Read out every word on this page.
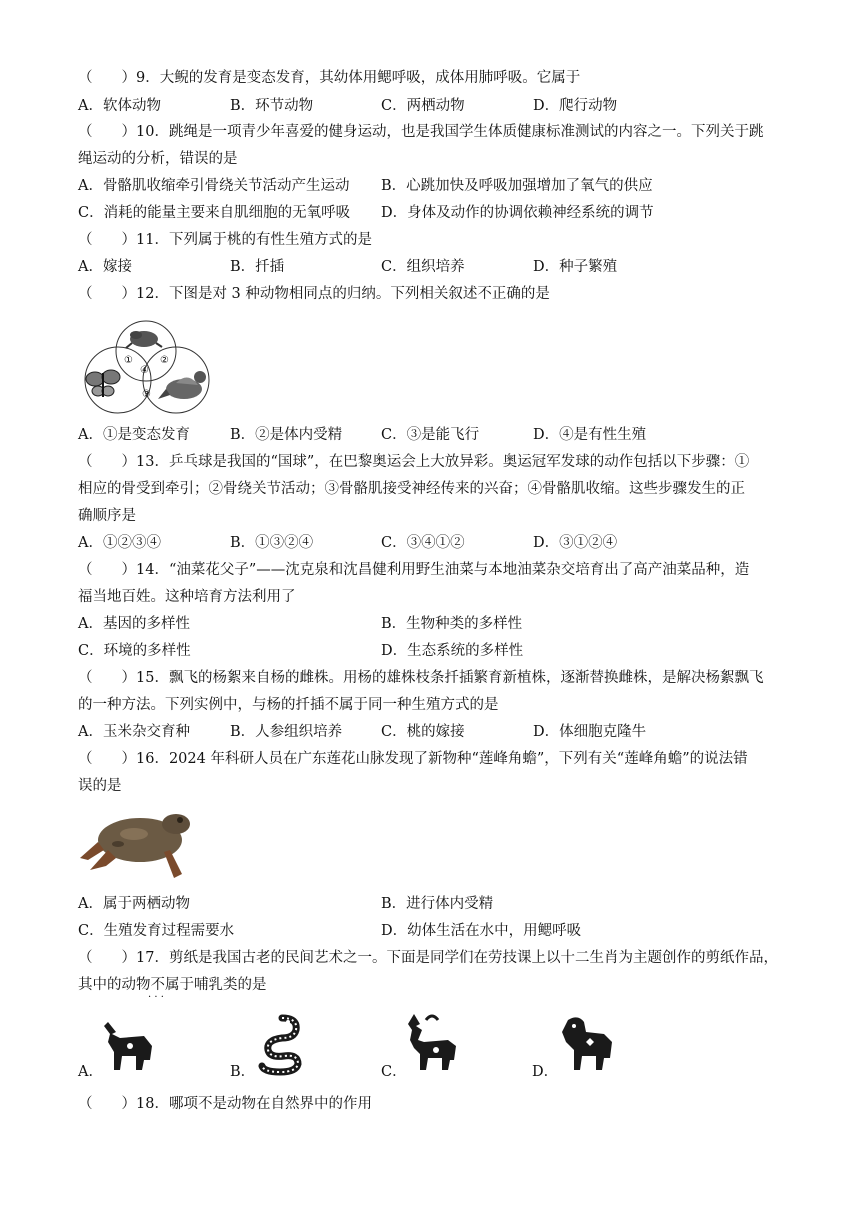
（　　）9．大鲵的发育是变态发育，其幼体用鳃呼吸，成体用肺呼吸。它属于
A．软体动物	B．环节动物	C．两栖动物	D．爬行动物
（　　）10．跳绳是一项青少年喜爱的健身运动，也是我国学生体质健康标准测试的内容之一。下列关于跳
绳运动的分析，错误的是
A．骨骼肌收缩牵引骨绕关节活动产生运动 B．心跳加快及呼吸加强增加了氧气的供应
C．消耗的能量主要来自肌细胞的无氧呼吸 D．身体及动作的协调依赖神经系统的调节
（　　）11．下列属于桃的有性生殖方式的是
A．嫁接	B．扦插	C．组织培养	D．种子繁殖
（　　）12．下图是对 3 种动物相同点的归纳。下列相关叙述不正确的是
①	②
③
④
A．①是变态发育	B．②是体内受精	C．③是能飞行	D．④是有性生殖
（　　）13．乒乓球是我国的“国球”，在巴黎奥运会上大放异彩。奥运冠军发球的动作包括以下步骤：①
相应的骨受到牵引；②骨绕关节活动；③骨骼肌接受神经传来的兴奋；④骨骼肌收缩。这些步骤发生的正
确顺序是
A．①②③④	B．①③②④	C．③④①②	D．③①②④
（　　）14．“油菜花父子”——沈克泉和沈昌健利用野生油菜与本地油菜杂交培育出了高产油菜品种，造
福当地百姓。这种培育方法利用了
A．基因的多样性	B．生物种类的多样性
C．环境的多样性	D．生态系统的多样性
（　　）15．飘飞的杨絮来自杨的雌株。用杨的雄株枝条扦插繁育新植株，逐渐替换雌株，是解决杨絮飘飞
的一种方法。下列实例中，与杨的扦插不属于同一种生殖方式的是
A．玉米杂交育种	B．人参组织培养	C．桃的嫁接	D．体细胞克隆牛
（　　）16．2024 年科研人员在广东莲花山脉发现了新物种“莲峰角蟾”，下列有关“莲峰角蟾”的说法错
误的是
A．属于两栖动物	B．进行体内受精
C．生殖发育过程需要水	D．幼体生活在水中，用鳃呼吸
（　　）17．剪纸是我国古老的民间艺术之一。下面是同学们在劳技课上以十二生肖为主题创作的剪纸作品，
其中的动物不属于哺乳类的是
· · ·
A．	B．	C．	D．
（　　）18．哪项不是动物在自然界中的作用
